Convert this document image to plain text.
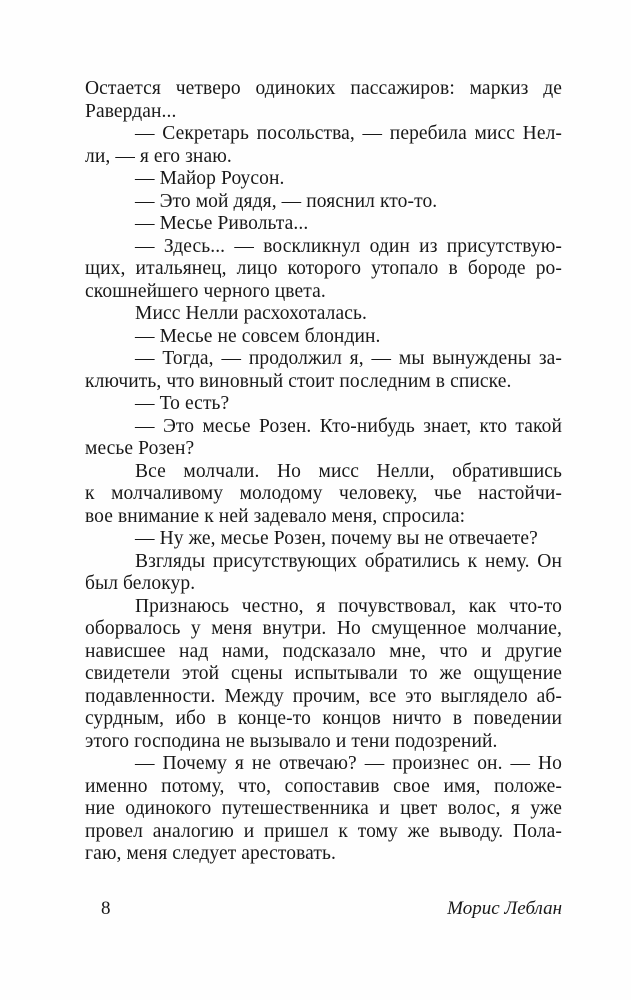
Остается четверо одиноких пассажиров: маркиз де
Равердан...
— Секретарь посольства, — перебила мисс Нел-
ли, — я его знаю.
— Майор Роусон.
— Это мой дядя, — пояснил кто-то.
— Месье Ривольта...
— Здесь... — воскликнул один из присутствую-
щих, итальянец, лицо которого утопало в бороде ро-
скошнейшего черного цвета.
Мисс Нелли расхохоталась.
— Месье не совсем блондин.
— Тогда, — продолжил я, — мы вынуждены за-
ключить, что виновный стоит последним в списке.
— То есть?
— Это месье Розен. Кто-нибудь знает, кто такой
месье Розен?
Все молчали. Но мисс Нелли, обратившись
к молчаливому молодому человеку, чье настойчи-
вое внимание к ней задевало меня, спросила:
— Ну же, месье Розен, почему вы не отвечаете?
Взгляды присутствующих обратились к нему. Он
был белокур.
Признаюсь честно, я почувствовал, как что-то
оборвалось у меня внутри. Но смущенное молчание,
нависшее над нами, подсказало мне, что и другие
свидетели этой сцены испытывали то же ощущение
подавленности. Между прочим, все это выглядело аб-
сурдным, ибо в конце-то концов ничто в поведении
этого господина не вызывало и тени подозрений.
— Почему я не отвечаю? — произнес он. — Но
именно потому, что, сопоставив свое имя, положе-
ние одинокого путешественника и цвет волос, я уже
провел аналогию и пришел к тому же выводу. Пола-
гаю, меня следует арестовать.
8	Морис Леблан
